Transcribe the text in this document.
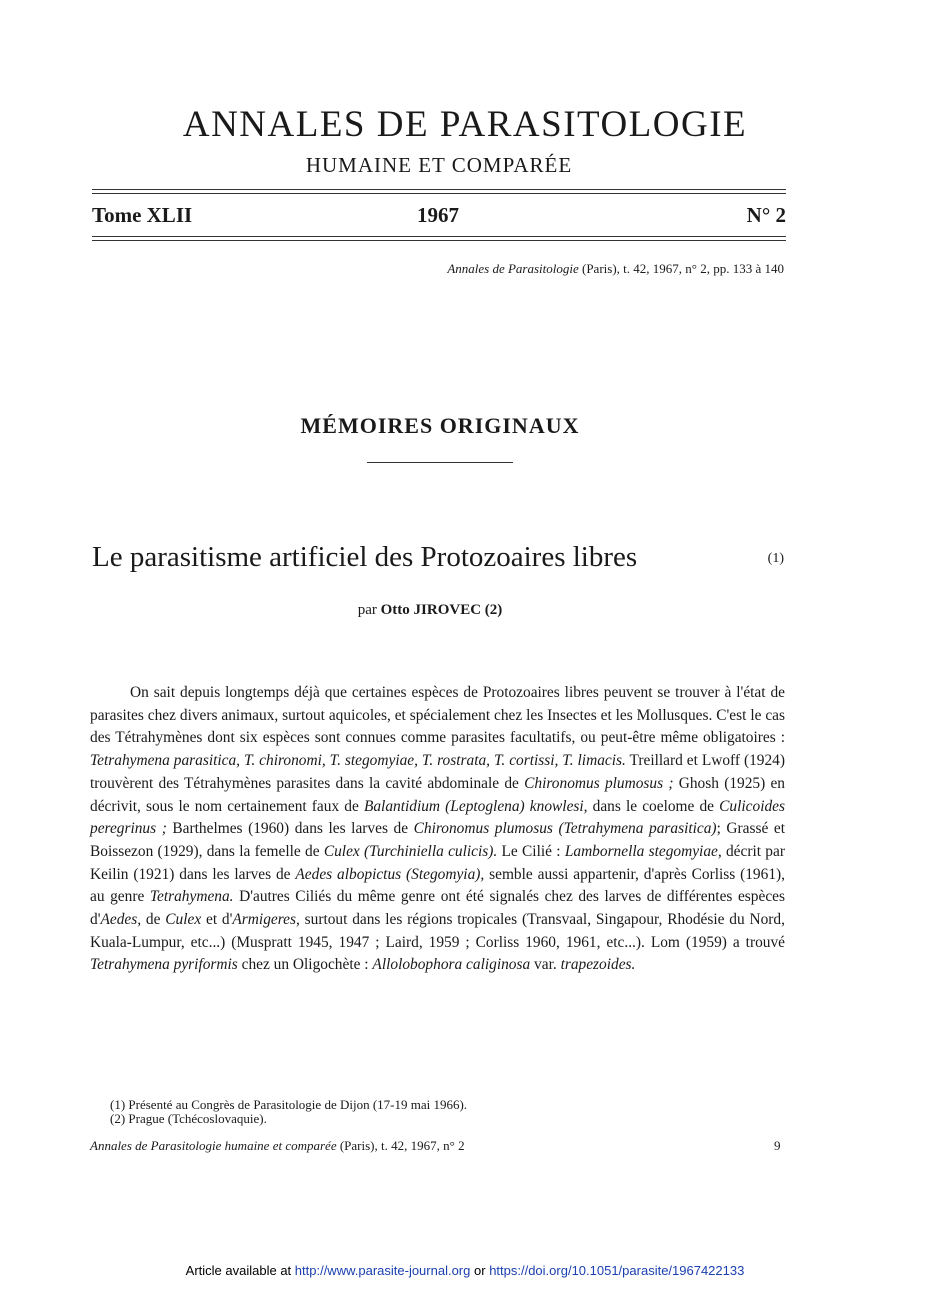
ANNALES DE PARASITOLOGIE
HUMAINE ET COMPARÉE
Tome XLII	1967	N° 2
Annales de Parasitologie (Paris), t. 42, 1967, n° 2, pp. 133 à 140
MÉMOIRES ORIGINAUX
Le parasitisme artificiel des Protozoaires libres	(1)
par Otto JIROVEC (2)
On sait depuis longtemps déjà que certaines espèces de Protozoaires libres peuvent se trouver à l'état de parasites chez divers animaux, surtout aquicoles, et spécialement chez les Insectes et les Mollusques. C'est le cas des Tétrahymènes dont six espèces sont connues comme parasites facultatifs, ou peut-être même obligatoires : Tetrahymena parasitica, T. chironomi, T. stegomyiae, T. rostrata, T. cortissi, T. limacis. Treillard et Lwoff (1924) trouvèrent des Tétrahymènes parasites dans la cavité abdominale de Chironomus plumosus ; Ghosh (1925) en décrivit, sous le nom certainement faux de Balantidium (Leptoglena) knowlesi, dans le coelome de Culicoides peregrinus ; Barthelmes (1960) dans les larves de Chironomus plumosus (Tetrahymena parasitica); Grassé et Boissezon (1929), dans la femelle de Culex (Turchiniella culicis). Le Cilié : Lambornella stegomyiae, décrit par Keilin (1921) dans les larves de Aedes albopictus (Stegomyia), semble aussi appartenir, d'après Corliss (1961), au genre Tetrahymena. D'autres Ciliés du même genre ont été signalés chez des larves de différentes espèces d'Aedes, de Culex et d'Armigeres, surtout dans les régions tropicales (Transvaal, Singapour, Rhodésie du Nord, Kuala-Lumpur, etc...) (Muspratt 1945, 1947 ; Laird, 1959 ; Corliss 1960, 1961, etc...). Lom (1959) a trouvé Tetrahymena pyriformis chez un Oligochète : Allolobophora caliginosa var. trapezoides.
(1) Présenté au Congrès de Parasitologie de Dijon (17-19 mai 1966).
(2) Prague (Tchécoslovaquie).
Annales de Parasitologie humaine et comparée (Paris), t. 42, 1967, n° 2	9
Article available at http://www.parasite-journal.org or https://doi.org/10.1051/parasite/1967422133
